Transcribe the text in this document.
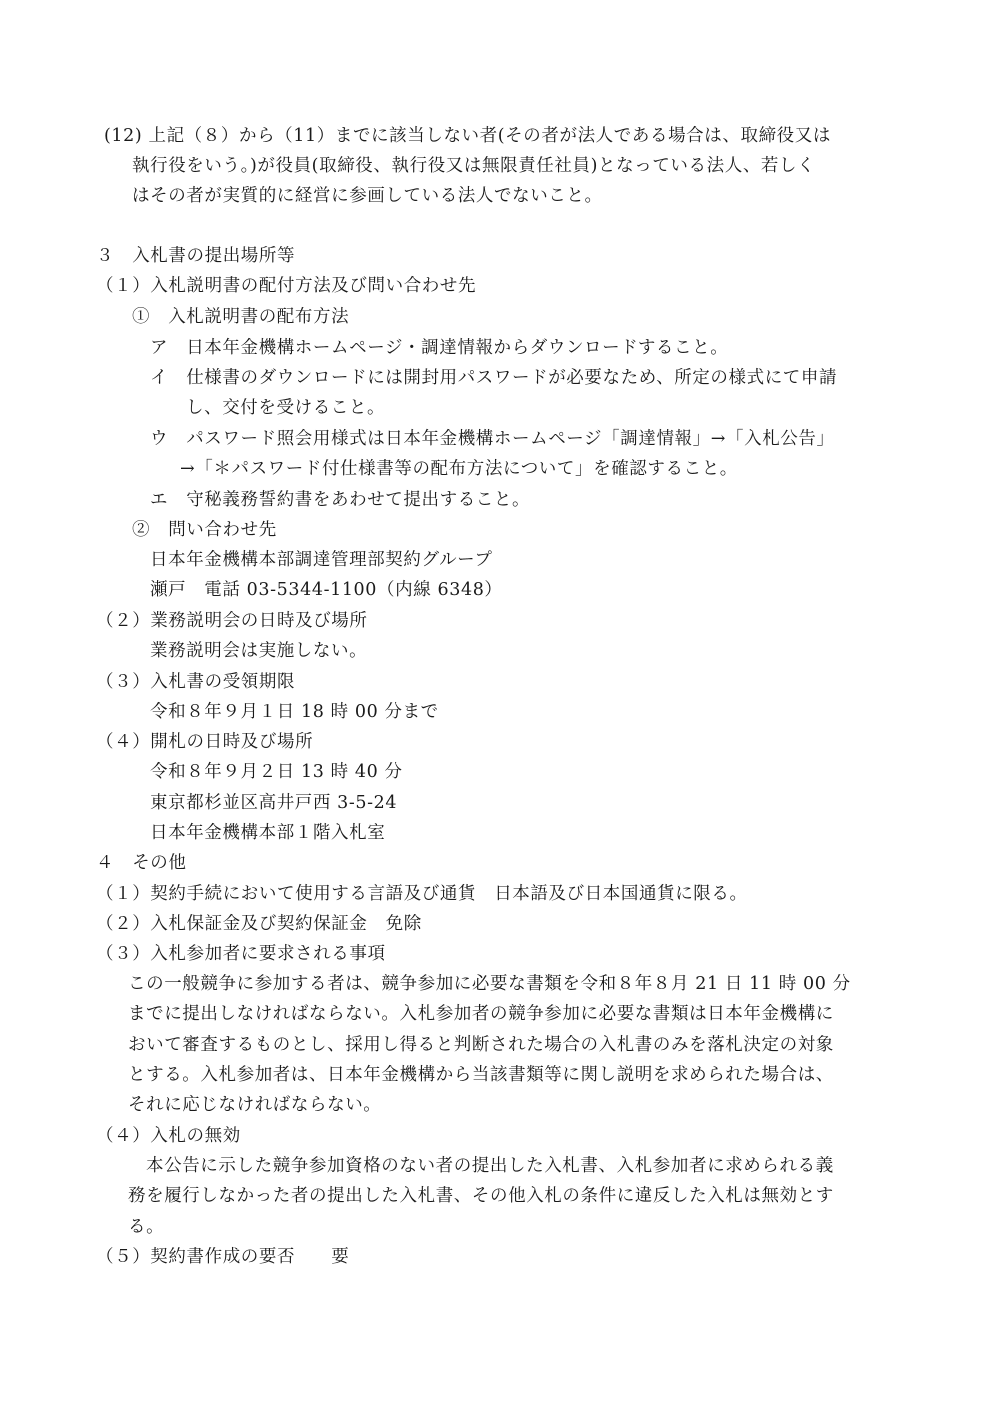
(12) 上記（８）から（11）までに該当しない者(その者が法人である場合は、取締役又は
執行役をいう。)が役員(取締役、執行役又は無限責任社員)となっている法人、若しく
はその者が実質的に経営に参画している法人でないこと。
３　入札書の提出場所等
（１）入札説明書の配付方法及び問い合わせ先
①　入札説明書の配布方法
ア　日本年金機構ホームページ・調達情報からダウンロードすること。
イ　仕様書のダウンロードには開封用パスワードが必要なため、所定の様式にて申請
し、交付を受けること。
ウ　パスワード照会用様式は日本年金機構ホームページ「調達情報」→「入札公告」
→「＊パスワード付仕様書等の配布方法について」を確認すること。
エ　守秘義務誓約書をあわせて提出すること。
②　問い合わせ先
日本年金機構本部調達管理部契約グループ
瀬戸　電話 03-5344-1100（内線 6348）
（２）業務説明会の日時及び場所
業務説明会は実施しない。
（３）入札書の受領期限
令和８年９月１日 18 時 00 分まで
（４）開札の日時及び場所
令和８年９月２日 13 時 40 分
東京都杉並区高井戸西 3-5-24
日本年金機構本部１階入札室
４　その他
（１）契約手続において使用する言語及び通貨　日本語及び日本国通貨に限る。
（２）入札保証金及び契約保証金　免除
（３）入札参加者に要求される事項
この一般競争に参加する者は、競争参加に必要な書類を令和８年８月 21 日 11 時 00 分
までに提出しなければならない。入札参加者の競争参加に必要な書類は日本年金機構に
おいて審査するものとし、採用し得ると判断された場合の入札書のみを落札決定の対象
とする。入札参加者は、日本年金機構から当該書類等に関し説明を求められた場合は、
それに応じなければならない。
（４）入札の無効
本公告に示した競争参加資格のない者の提出した入札書、入札参加者に求められる義
務を履行しなかった者の提出した入札書、その他入札の条件に違反した入札は無効とす
る。
（５）契約書作成の要否　　要
